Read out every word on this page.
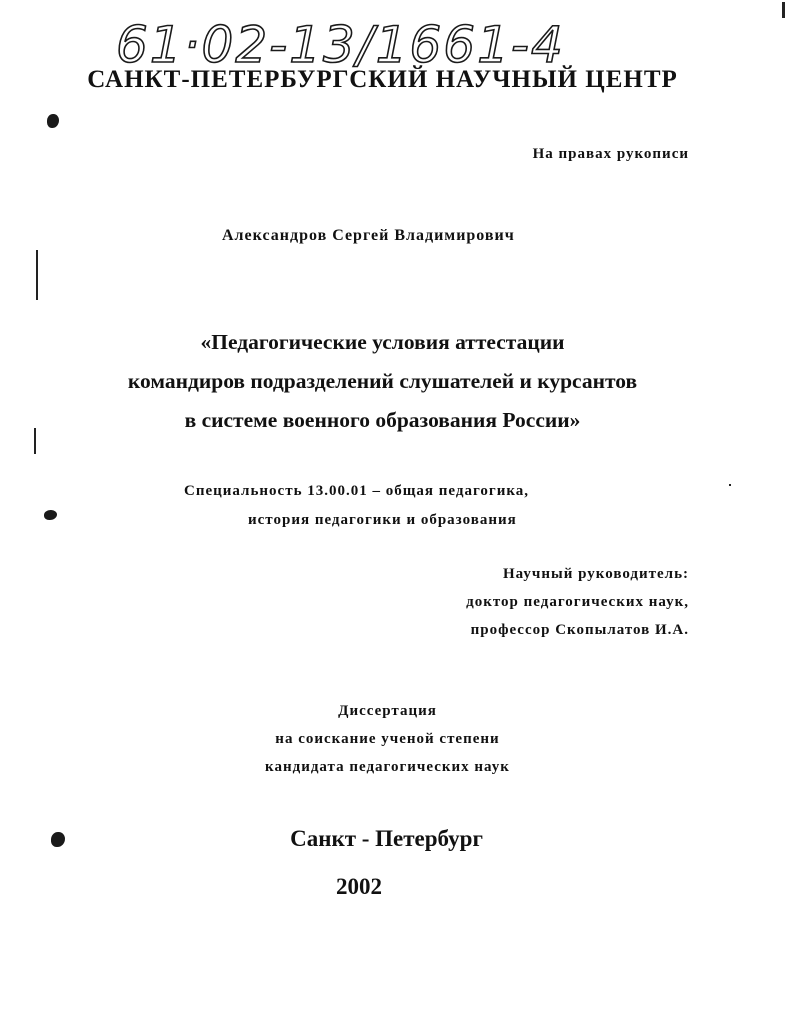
61·02-13/1661-4
САНКТ-ПЕТЕРБУРГСКИЙ НАУЧНЫЙ ЦЕНТР
На правах рукописи
Александров Сергей Владимирович
«Педагогические условия аттестации
командиров подразделений слушателей и курсантов
в системе военного образования России»
Специальность 13.00.01 – общая педагогика,
история педагогики и образования
Научный руководитель:
доктор педагогических наук,
профессор Скопылатов И.А.
Диссертация
на соискание ученой степени
кандидата педагогических наук
Санкт - Петербург
2002
